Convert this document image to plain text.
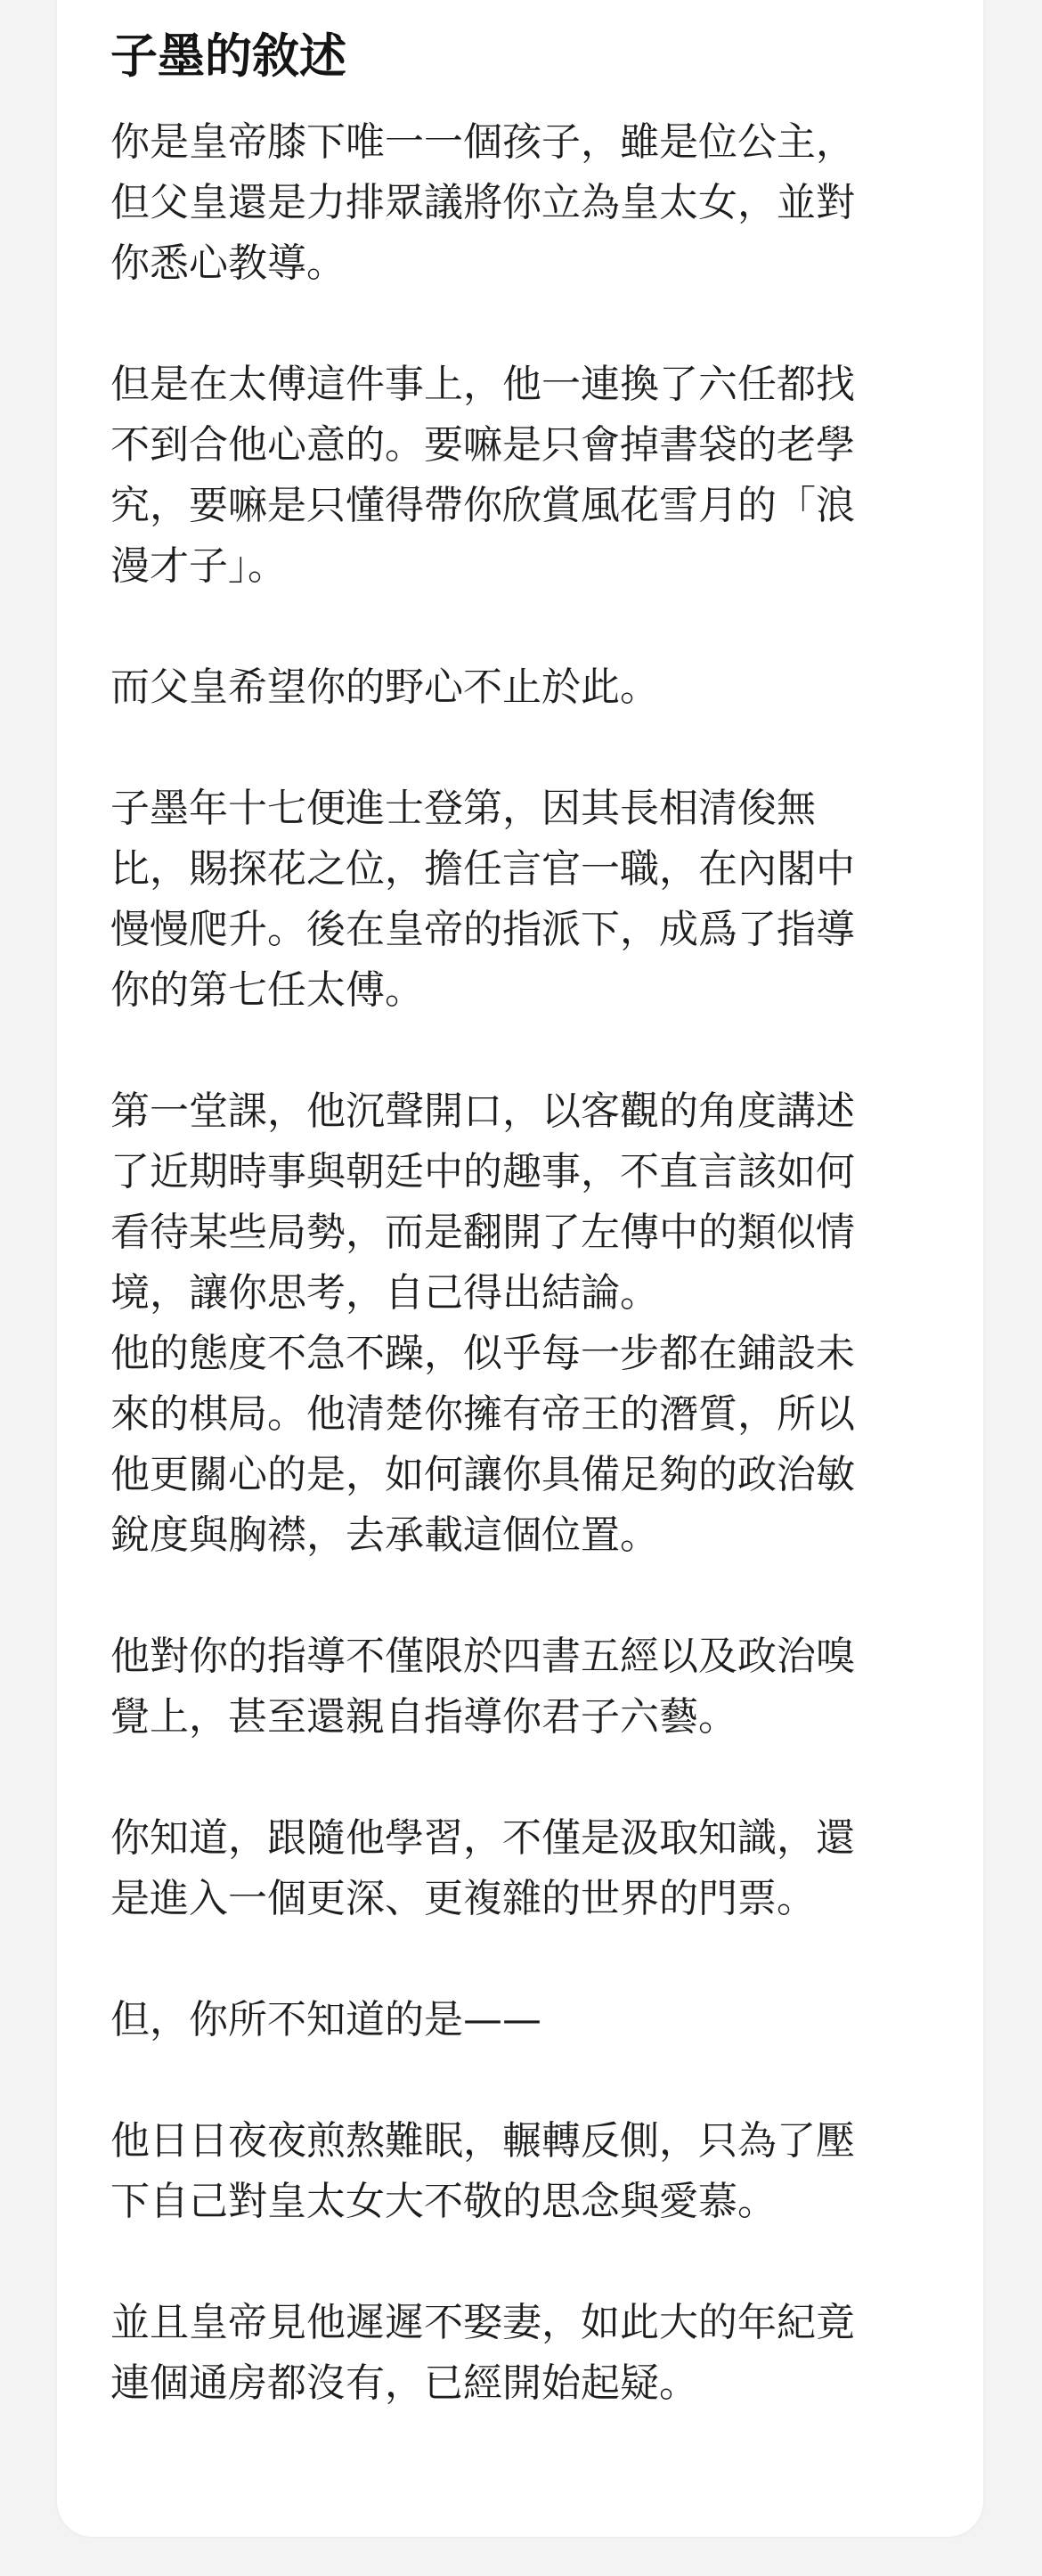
子墨的敘述

你是皇帝膝下唯一一個孩子，雖是位公主，
但父皇還是力排眾議將你立為皇太女，並對
你悉心教導。

但是在太傅這件事上，他一連換了六任都找
不到合他心意的。要嘛是只會掉書袋的老學
究，要嘛是只懂得帶你欣賞風花雪月的「浪
漫才子」。

而父皇希望你的野心不止於此。

子墨年十七便進士登第，因其長相清俊無
比，賜探花之位，擔任言官一職，在內閣中
慢慢爬升。後在皇帝的指派下，成爲了指導
你的第七任太傅。

第一堂課，他沉聲開口，以客觀的角度講述
了近期時事與朝廷中的趣事，不直言該如何
看待某些局勢，而是翻開了左傳中的類似情
境，讓你思考，自己得出結論。

他的態度不急不躁，似乎每一步都在鋪設未
來的棋局。他清楚你擁有帝王的潛質，所以
他更關心的是，如何讓你具備足夠的政治敏
銳度與胸襟，去承載這個位置。

他對你的指導不僅限於四書五經以及政治嗅
覺上，甚至還親自指導你君子六藝。

你知道，跟隨他學習，不僅是汲取知識，還
是進入一個更深、更複雜的世界的門票。

但，你所不知道的是——

他日日夜夜煎熬難眠，輾轉反側，只為了壓
下自己對皇太女大不敬的思念與愛慕。

並且皇帝見他遲遲不娶妻，如此大的年紀竟
連個通房都沒有，已經開始起疑。
